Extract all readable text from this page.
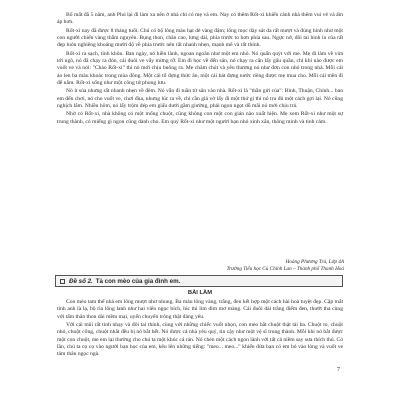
Bố mất đã 5 năm, anh Phú lại đi làm xa nên ở nhà chỉ có mẹ và em. Nay có thêm Rốt-xi khiến cảnh nhà thêm vui vẻ và ấm áp hơn.

Rốt-xi nay đã được 8 tháng tuổi. Chú có bộ lông màu hạt dẻ vàng đậm; lông mọc dày sát da rất mượt và đúng hình như một con người chiến vàng thẫm nguyên. Bụng thon, chân cao, lưng dài, phía trước to hơn phía sau. Ngực nở, đôi tai hình in của rất đẹp luôn nghiêng khoảng mười độ về phía trước nên rất nhanh nhẹn, mạnh mẽ và rất thính.

Rốt-xi ra sạch, tinh khôn. Ban ngày, nó hiền lành, ngoan ngoãn như một em nhỏ. Nó quấn quýt với me. Mẹ đi làm về vừa tới ngõ, nó đã chạy ra đón, cái đuôi ve vẩy mừng rỡ. Em đi học về đến sân, nó chạy ra cắn lấy gấu quần, chỉ khi nào được em vuốt ve và nói: "Chào Rốt-xi" thì nó mới chịu buông ra. Me chăm chút và yêu thương nó như đơn con nhỏ trong nhà. Mỗi cái áo len ba màu khoác trong mùa đông. Một cái tổ đựng thức ăn, một cái bát đựng nước riêng được mẹ mua cho. Mỗi cái mền đi để nằm. Rốt-xi sống như một công tử phong lưu.

Nó ít sủa nhưng rất nhanh nhẹn về đêm. Nó vẫn đi tuần từ sân vào nhà. Rốt-xi là "thần gửi của": Bình, Thuận, Chính... ban em đến chơi, nó cho vuốt ve, chơi đùa, nhưng lúc ra về, chỉ cần giả vờ lấy đi một thứ gì thì nó tru đủ một cách gợi lại. Nó cũng nghịch lắm. Nhiều hôm, nó lấy trộm dép em giấu dưới gầm giường, phải ngon ngọt dỗ mãi nó mới chịu trả.

Nhờ có Rốt-xi, nhà không có một mống chuột, cũng không con một con gián nào xuất hiện. Mẹ xem Rốt-xi như một sự trung thành, có miếng gì ngon cũng dành cho. Em quý Rốt-xi như một người bạn nhỏ xinh xắn, thông minh và tinh cảm.

Hoàng Phương Trà, Lớp 4A
Trường Tiểu học Cù Chính Lan – Thành phố Thanh Hoá
Đề số 2. Tả con mèo của gia đình em.
BÀI LÀM

Con mèo tam thể nhà em lông mượt như nhung. Ba màu lông vàng, trắng, đen kết hợp một cách hài hoà tuyệt đẹp. Cặp mắt tinh anh là lạ, bộ ria lông lanh như hai viên ngọc bích, lúc thì lim dim mơ màng. Cái đuôi dài trắng điểm đen, thướt tha cùng với tấm thân thon dài mềm mại, uyển chuyển trông thật đáng yêu.

Với cái mũi rất tinh nhạy và đôi tai thính, cùng với những chiếc vuốt nhọn, con mèo bắt chuột thật tài ba. Chuột to, chuột nhỏ, chuột cống, chuột nhắt đều bị nó bắt hết. Nó được cả nhà yêu quý, tin cậy như một vệ sĩ trung thành. Mỗi khi nó bắt được một con chuột, me em lại thưởng cho chú ta một khúc cá rán. Nó chén một cách ngon lành với tất cả niềm say sưa thích thú. Có lần, chú ta cọ cọ vào người bạn học của em, kêu lên những tiếng: "meo... meo..." khiến đứa bạn có em bỏ vào lòng và vuốt ve tâm thân ngọc ngà.

7
